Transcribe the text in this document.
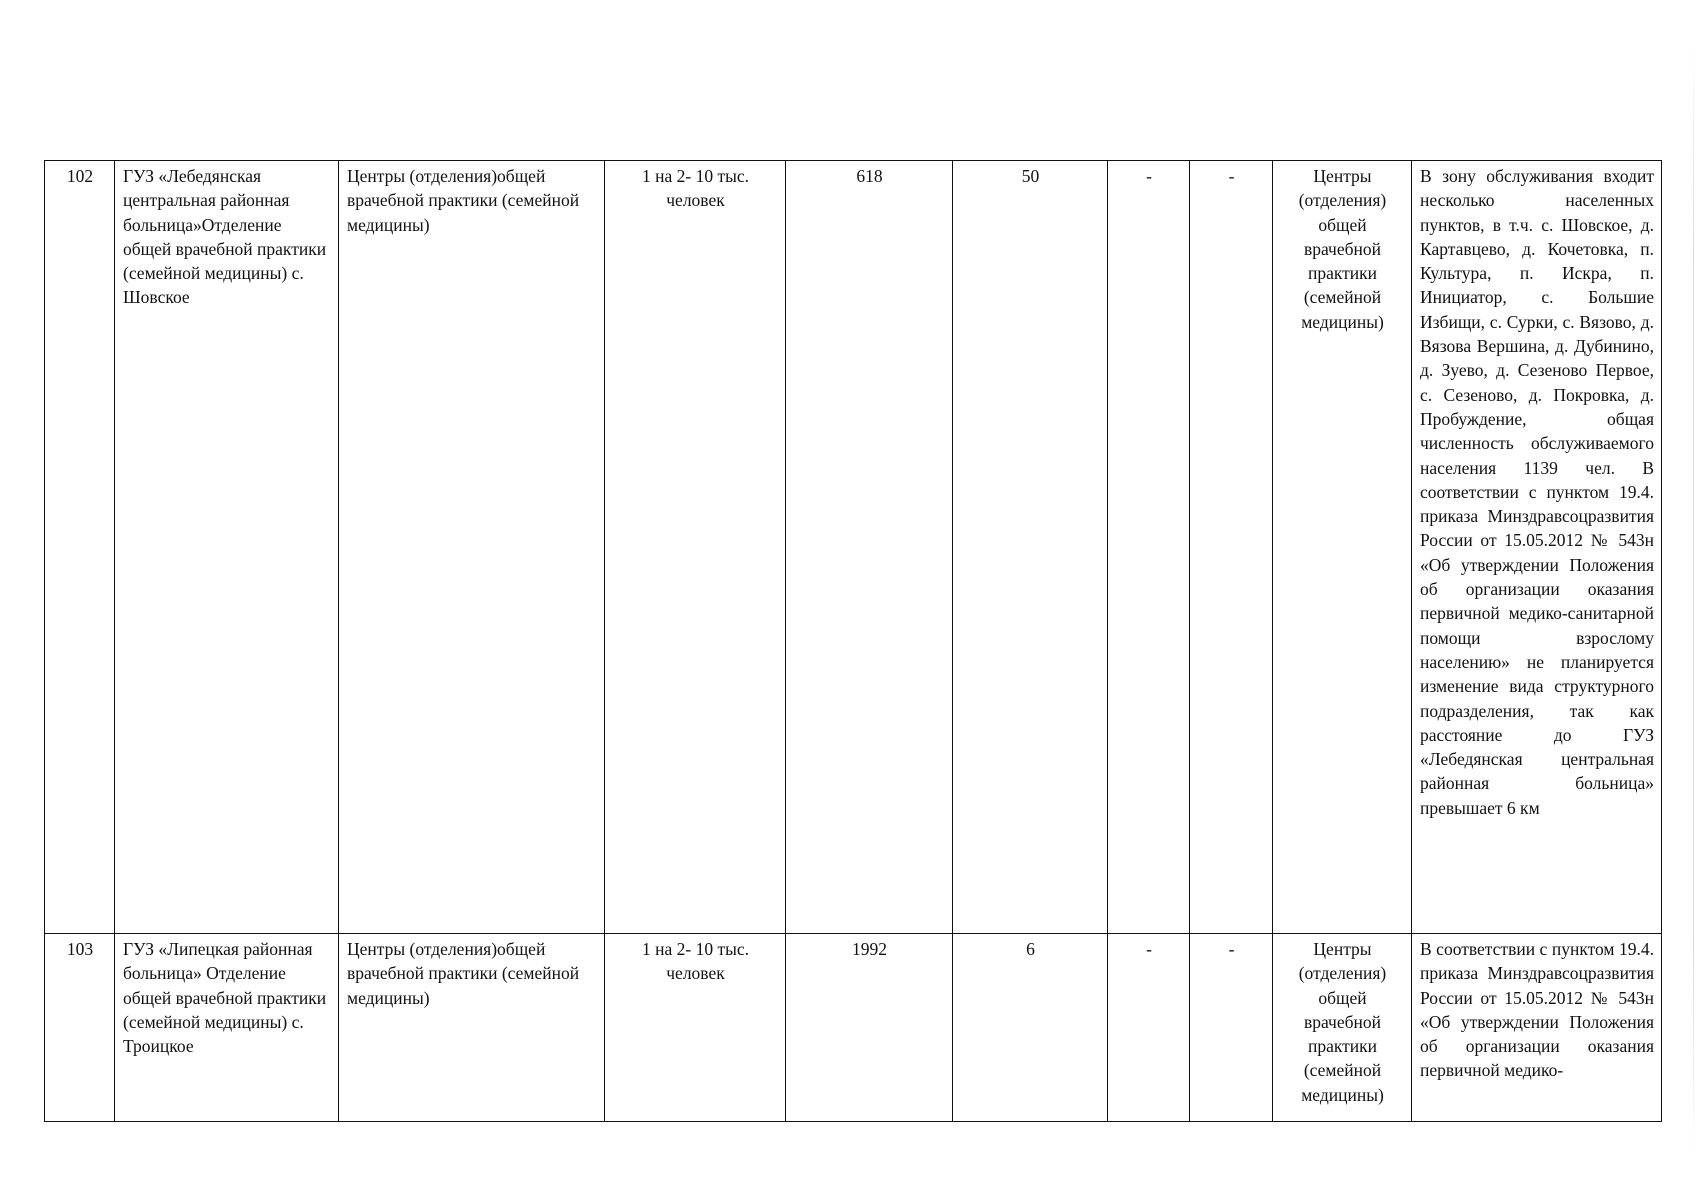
102	ГУЗ «Лебедянская центральная районная больница»Отделение общей врачебной практики (семейной медицины) с. Шовское	Центры (отделения)общей врачебной практики (семейной медицины)	1 на 2- 10 тыс. человек	618	50	-	-	Центры (отделения) общей врачебной практики (семейной медицины)	В зону обслуживания входит несколько населенных пунктов, в т.ч. с. Шовское, д. Картавцево, д. Кочетовка, п. Культура, п. Искра, п. Инициатор, с. Большие Избищи, с. Сурки, с. Вязово, д. Вязова Вершина, д. Дубинино, д. Зуево, д. Сезеново Первое, с. Сезеново, д. Покровка, д. Пробуждение, общая численность обслуживаемого населения 1139 чел. В соответствии с пунктом 19.4. приказа Минздравсоцразвития России от 15.05.2012 № 543н «Об утверждении Положения об организации оказания первичной медико-санитарной помощи взрослому населению» не планируется изменение вида структурного подразделения, так как расстояние до ГУЗ «Лебедянская центральная районная больница» превышает 6 км
103	ГУЗ «Липецкая районная больница» Отделение общей врачебной практики (семейной медицины) с. Троицкое	Центры (отделения)общей врачебной практики (семейной медицины)	1 на 2- 10 тыс. человек	1992	6	-	-	Центры (отделения) общей врачебной практики (семейной медицины)	В соответствии с пунктом 19.4. приказа Минздравсоцразвития России от 15.05.2012 № 543н «Об утверждении Положения об организации оказания первичной медико-
